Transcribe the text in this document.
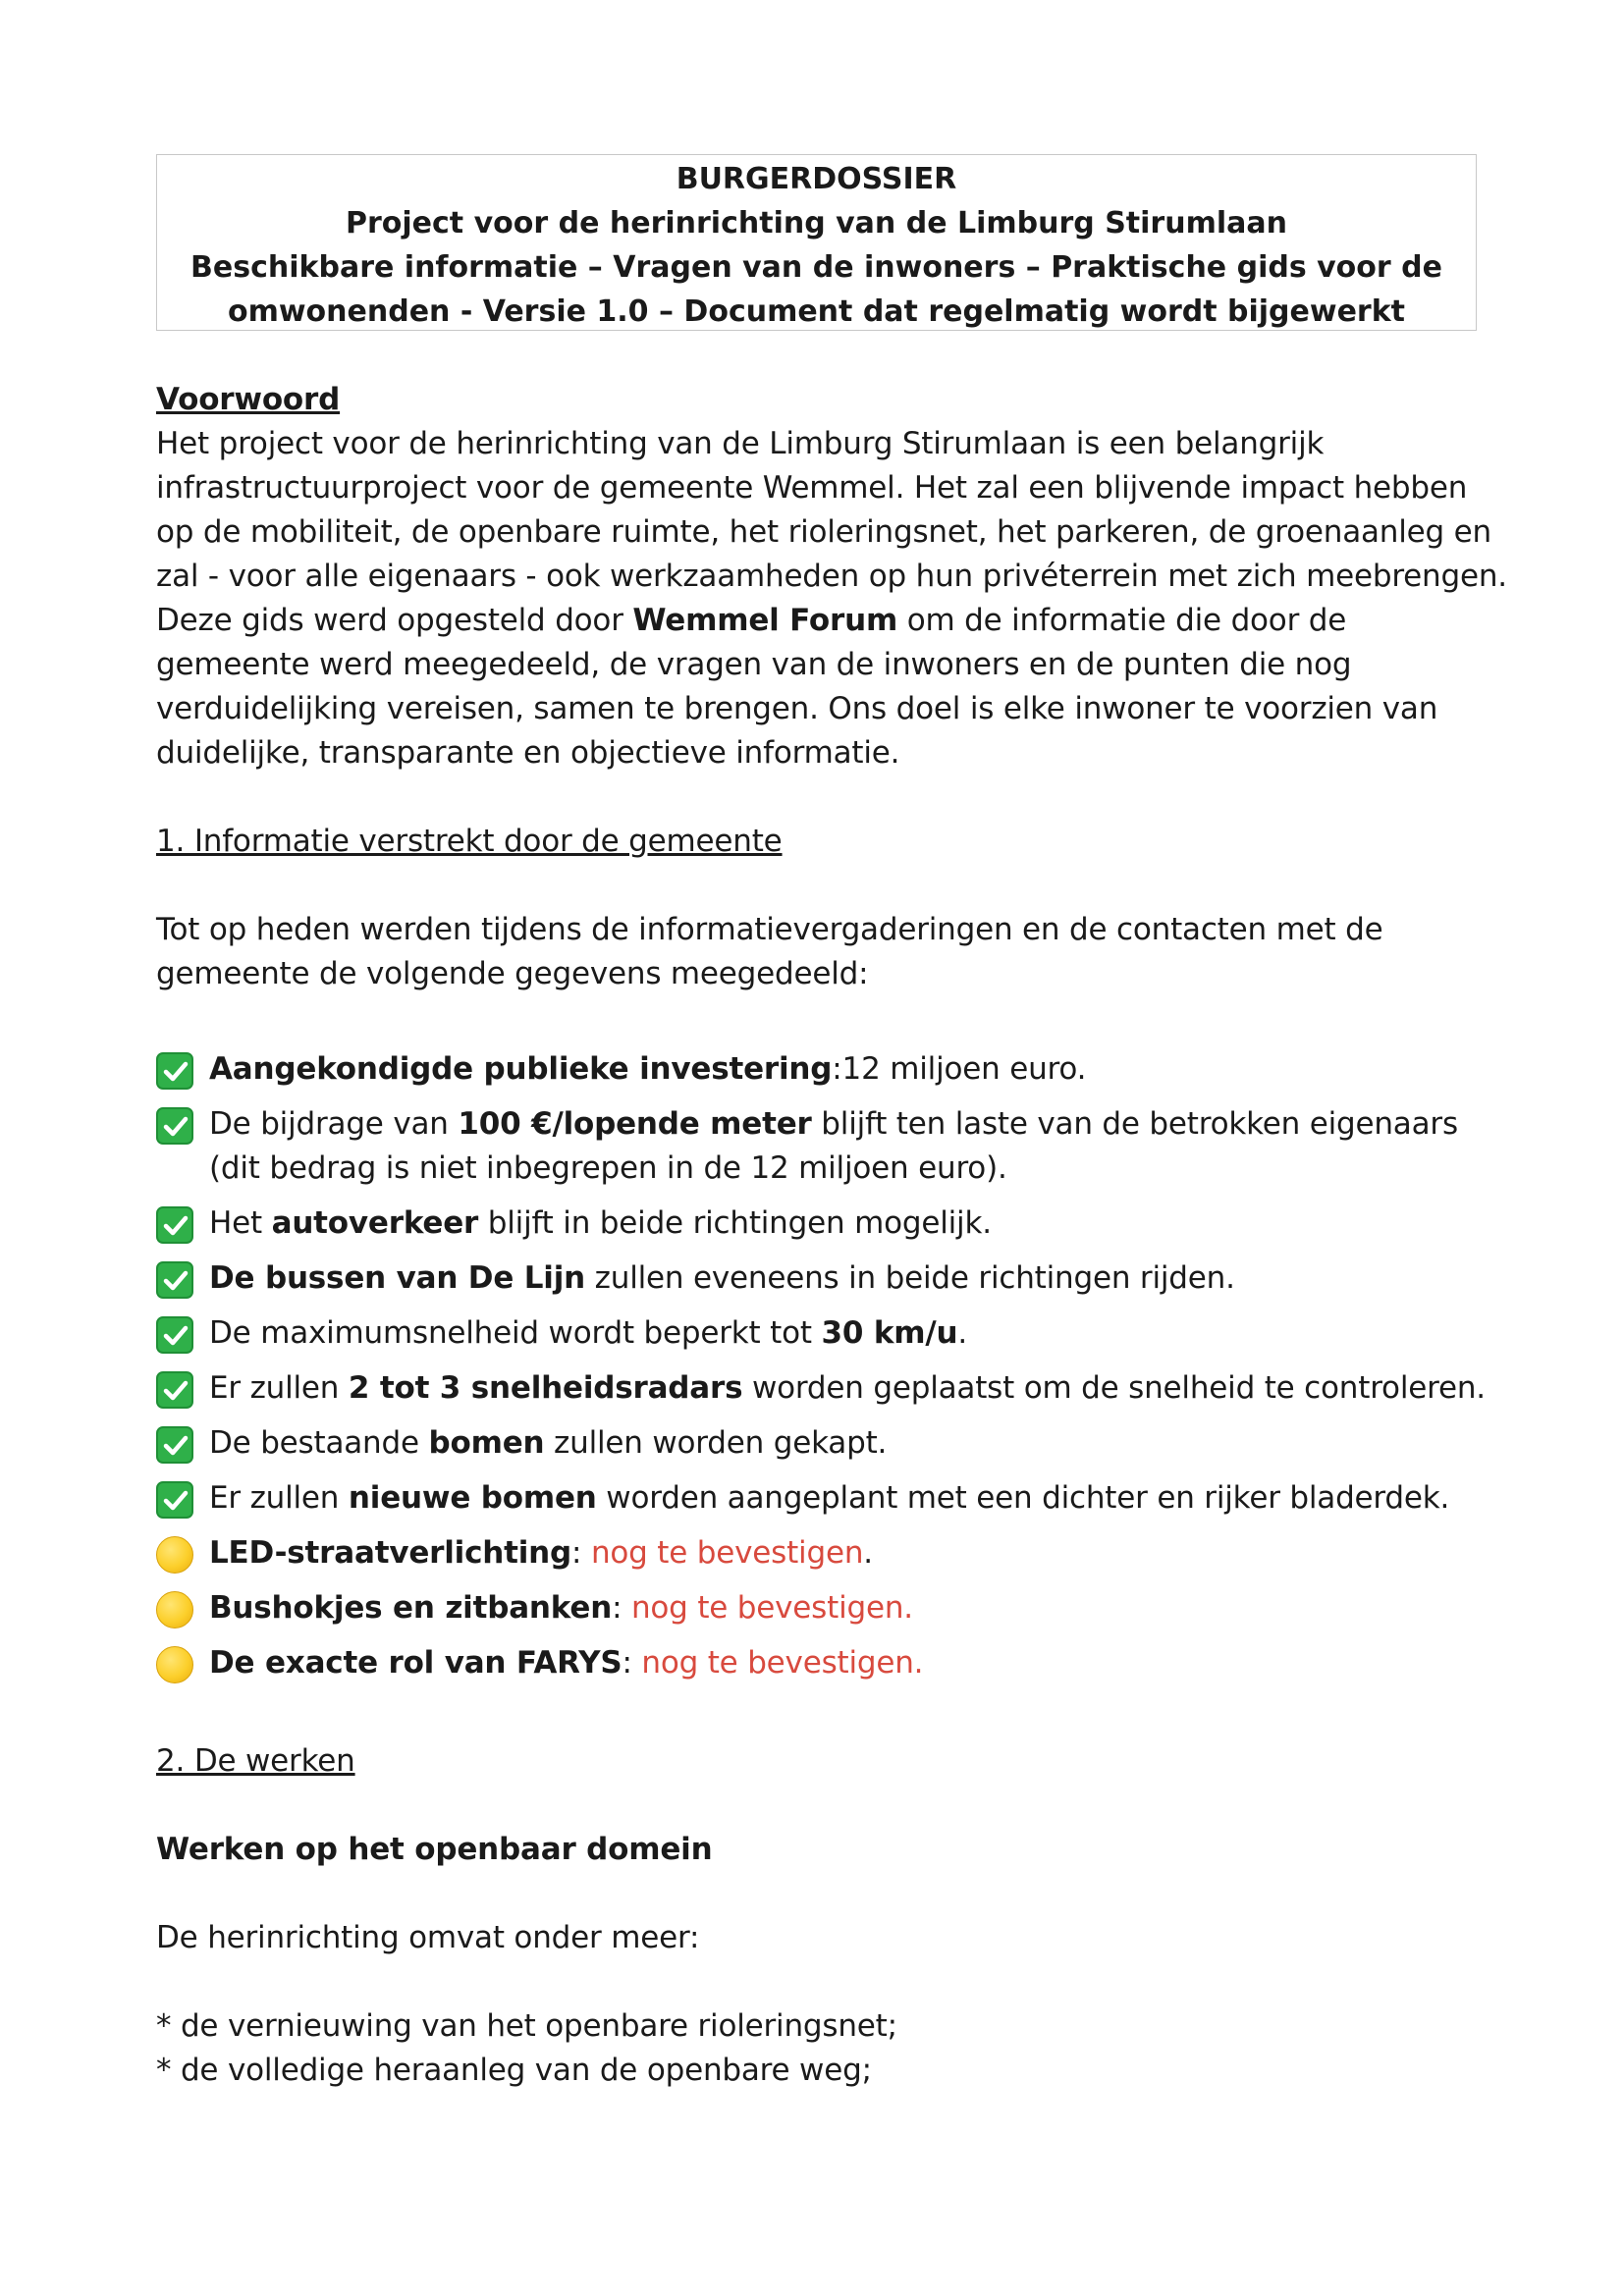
BURGERDOSSIER
Project voor de herinrichting van de Limburg Stirumlaan
Beschikbare informatie – Vragen van de inwoners – Praktische gids voor de
omwonenden - Versie 1.0 – Document dat regelmatig wordt bijgewerkt
Voorwoord
Het project voor de herinrichting van de Limburg Stirumlaan is een belangrijk
infrastructuurproject voor de gemeente Wemmel. Het zal een blijvende impact hebben
op de mobiliteit, de openbare ruimte, het rioleringsnet, het parkeren, de groenaanleg en
zal - voor alle eigenaars - ook werkzaamheden op hun privéterrein met zich meebrengen.
Deze gids werd opgesteld door Wemmel Forum om de informatie die door de
gemeente werd meegedeeld, de vragen van de inwoners en de punten die nog
verduidelijking vereisen, samen te brengen. Ons doel is elke inwoner te voorzien van
duidelijke, transparante en objectieve informatie.
1. Informatie verstrekt door de gemeente
Tot op heden werden tijdens de informatievergaderingen en de contacten met de
gemeente de volgende gegevens meegedeeld:
Aangekondigde publieke investering:12 miljoen euro.
De bijdrage van 100 €/lopende meter blijft ten laste van de betrokken eigenaars
(dit bedrag is niet inbegrepen in de 12 miljoen euro).
Het autoverkeer blijft in beide richtingen mogelijk.
De bussen van De Lijn zullen eveneens in beide richtingen rijden.
De maximumsnelheid wordt beperkt tot 30 km/u.
Er zullen 2 tot 3 snelheidsradars worden geplaatst om de snelheid te controleren.
De bestaande bomen zullen worden gekapt.
Er zullen nieuwe bomen worden aangeplant met een dichter en rijker bladerdek.
LED-straatverlichting: nog te bevestigen.
Bushokjes en zitbanken: nog te bevestigen.
De exacte rol van FARYS: nog te bevestigen.
2. De werken
Werken op het openbaar domein
De herinrichting omvat onder meer:
* de vernieuwing van het openbare rioleringsnet;
* de volledige heraanleg van de openbare weg;
